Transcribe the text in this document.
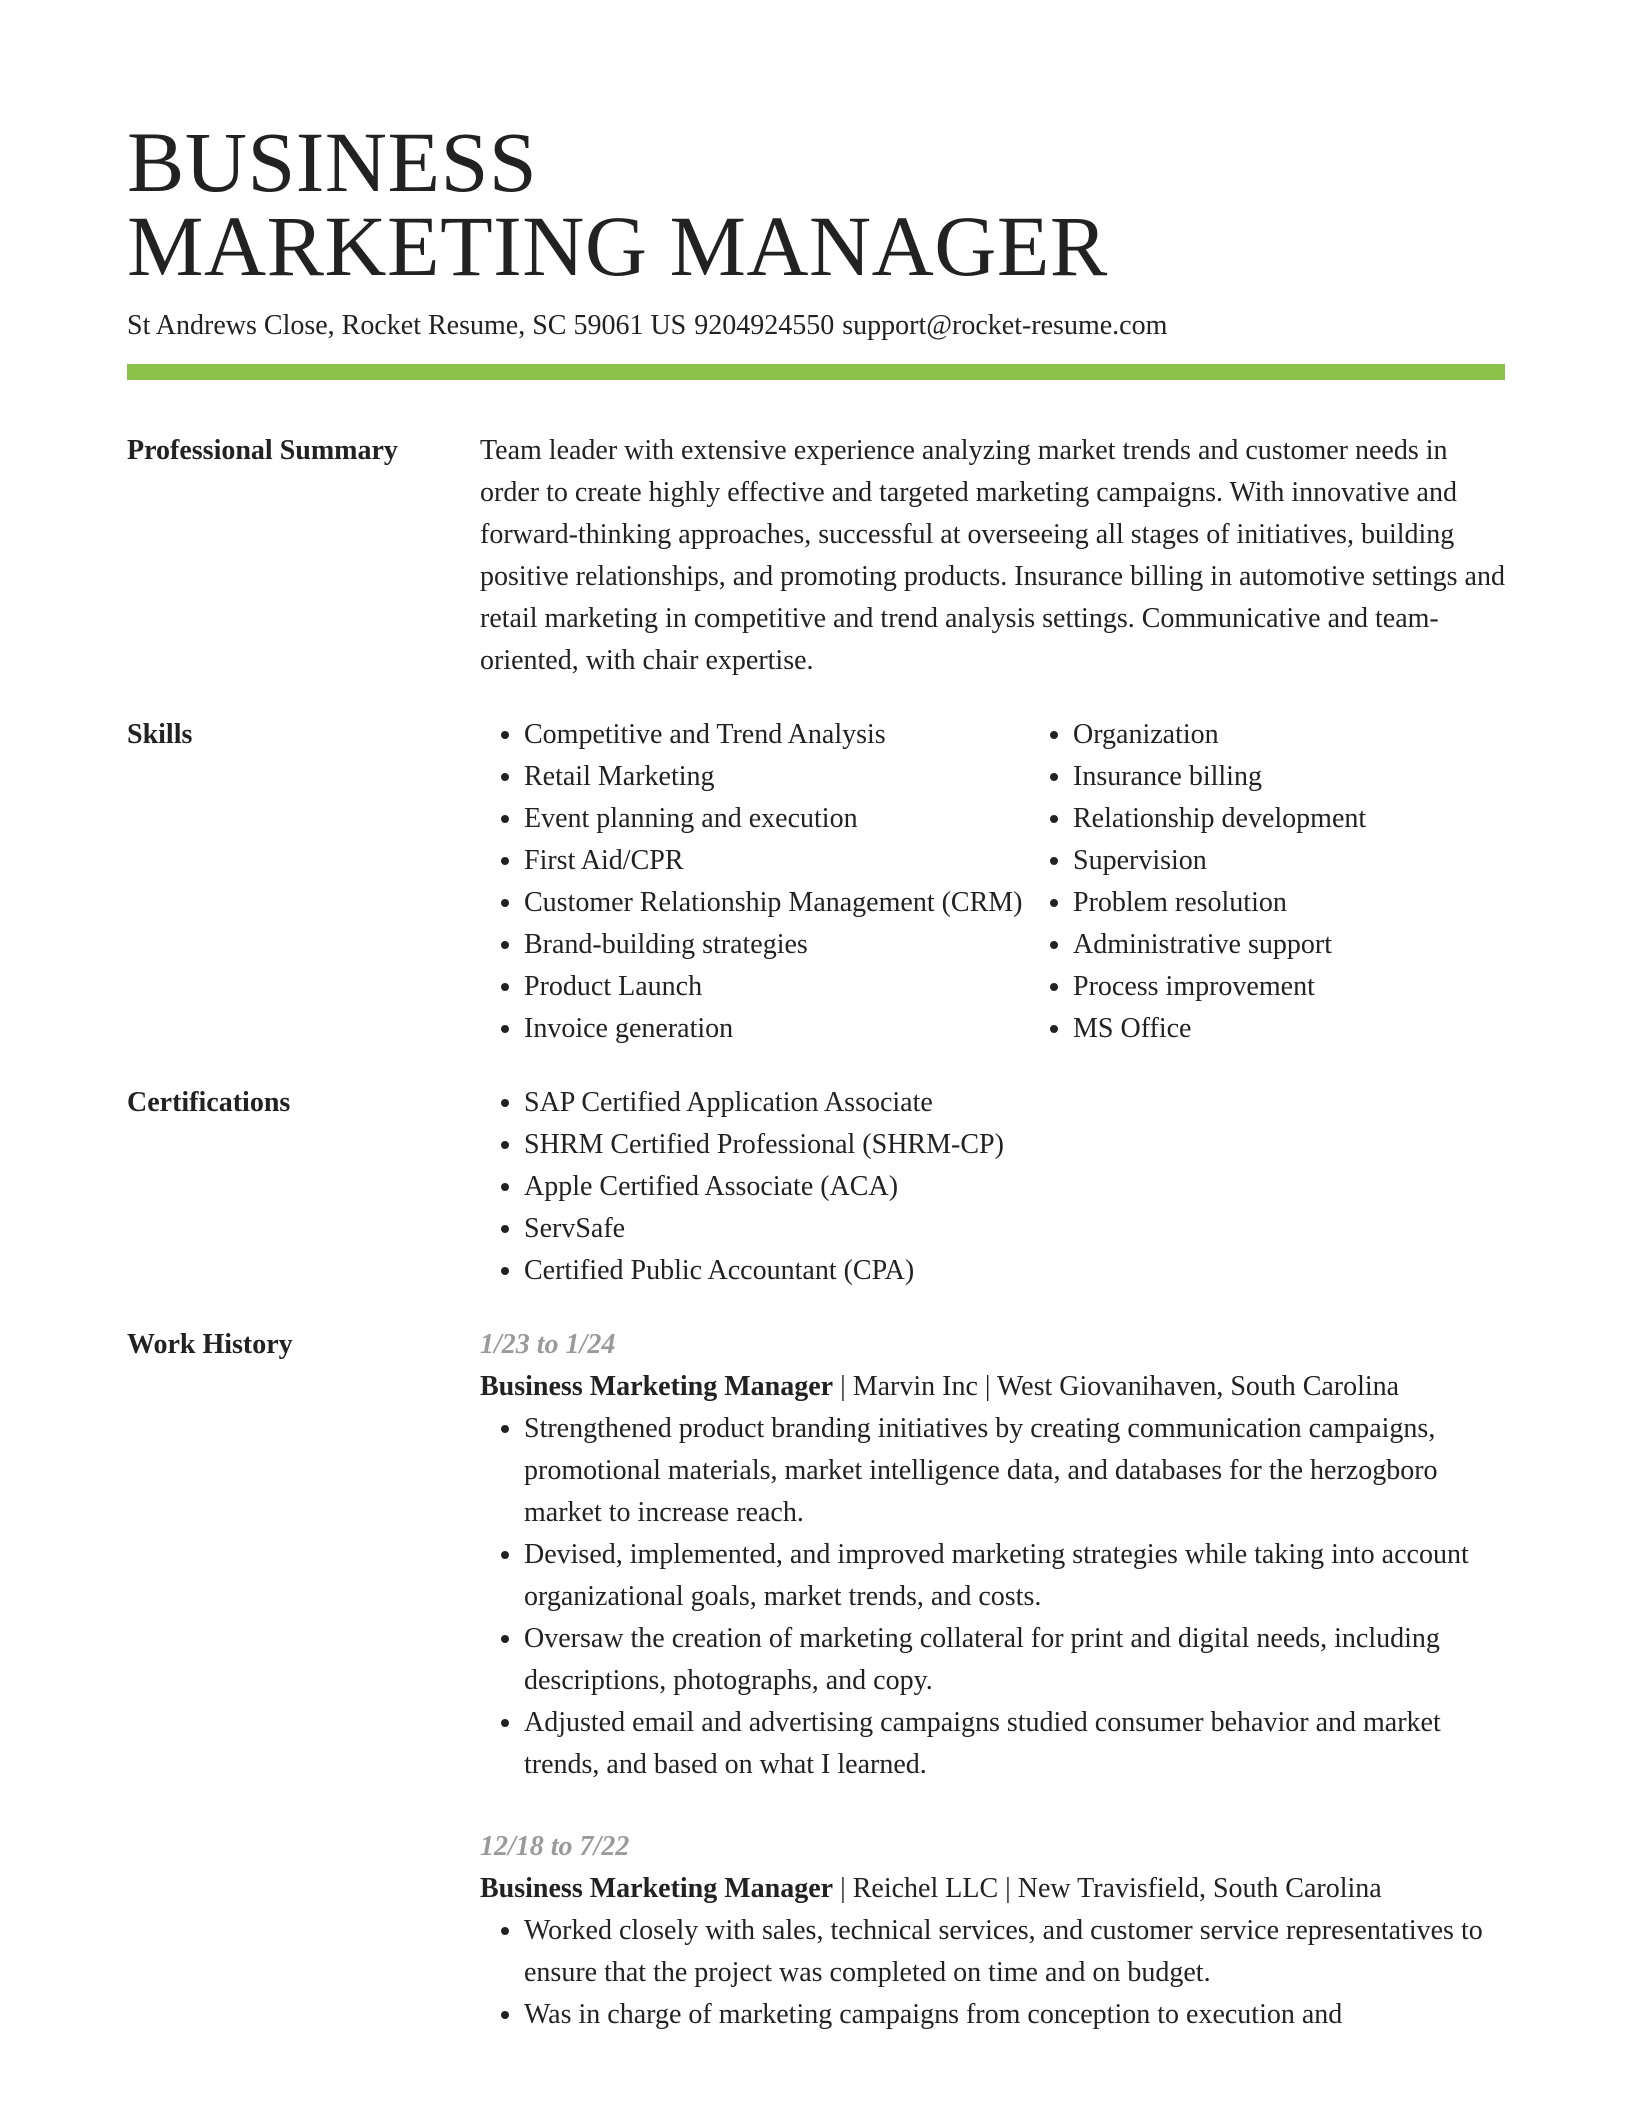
BUSINESS
MARKETING MANAGER
St Andrews Close, Rocket Resume, SC 59061 US 9204924550 support@rocket-resume.com
Professional Summary	Team leader with extensive experience analyzing market trends and customer needs in order to create highly effective and targeted marketing campaigns. With innovative and forward-thinking approaches, successful at overseeing all stages of initiatives, building positive relationships, and promoting products. Insurance billing in automotive settings and retail marketing in competitive and trend analysis settings. Communicative and team-oriented, with chair expertise.

Skills	• Competitive and Trend Analysis
• Retail Marketing
• Event planning and execution
• First Aid/CPR
• Customer Relationship Management (CRM)
• Brand-building strategies
• Product Launch
• Invoice generation
• Organization
• Insurance billing
• Relationship development
• Supervision
• Problem resolution
• Administrative support
• Process improvement
• MS Office
Certifications	• SAP Certified Application Associate
• SHRM Certified Professional (SHRM-CP)
• Apple Certified Associate (ACA)
• ServSafe
• Certified Public Accountant (CPA)
Work History	1/23 to 1/24
Business Marketing Manager | Marvin Inc | West Giovanihaven, South Carolina
• Strengthened product branding initiatives by creating communication campaigns, promotional materials, market intelligence data, and databases for the herzogboro market to increase reach.
• Devised, implemented, and improved marketing strategies while taking into account organizational goals, market trends, and costs.
• Oversaw the creation of marketing collateral for print and digital needs, including descriptions, photographs, and copy.
• Adjusted email and advertising campaigns studied consumer behavior and market trends, and based on what I learned.
12/18 to 7/22
Business Marketing Manager | Reichel LLC | New Travisfield, South Carolina
• Worked closely with sales, technical services, and customer service representatives to ensure that the project was completed on time and on budget.
• Was in charge of marketing campaigns from conception to execution and
